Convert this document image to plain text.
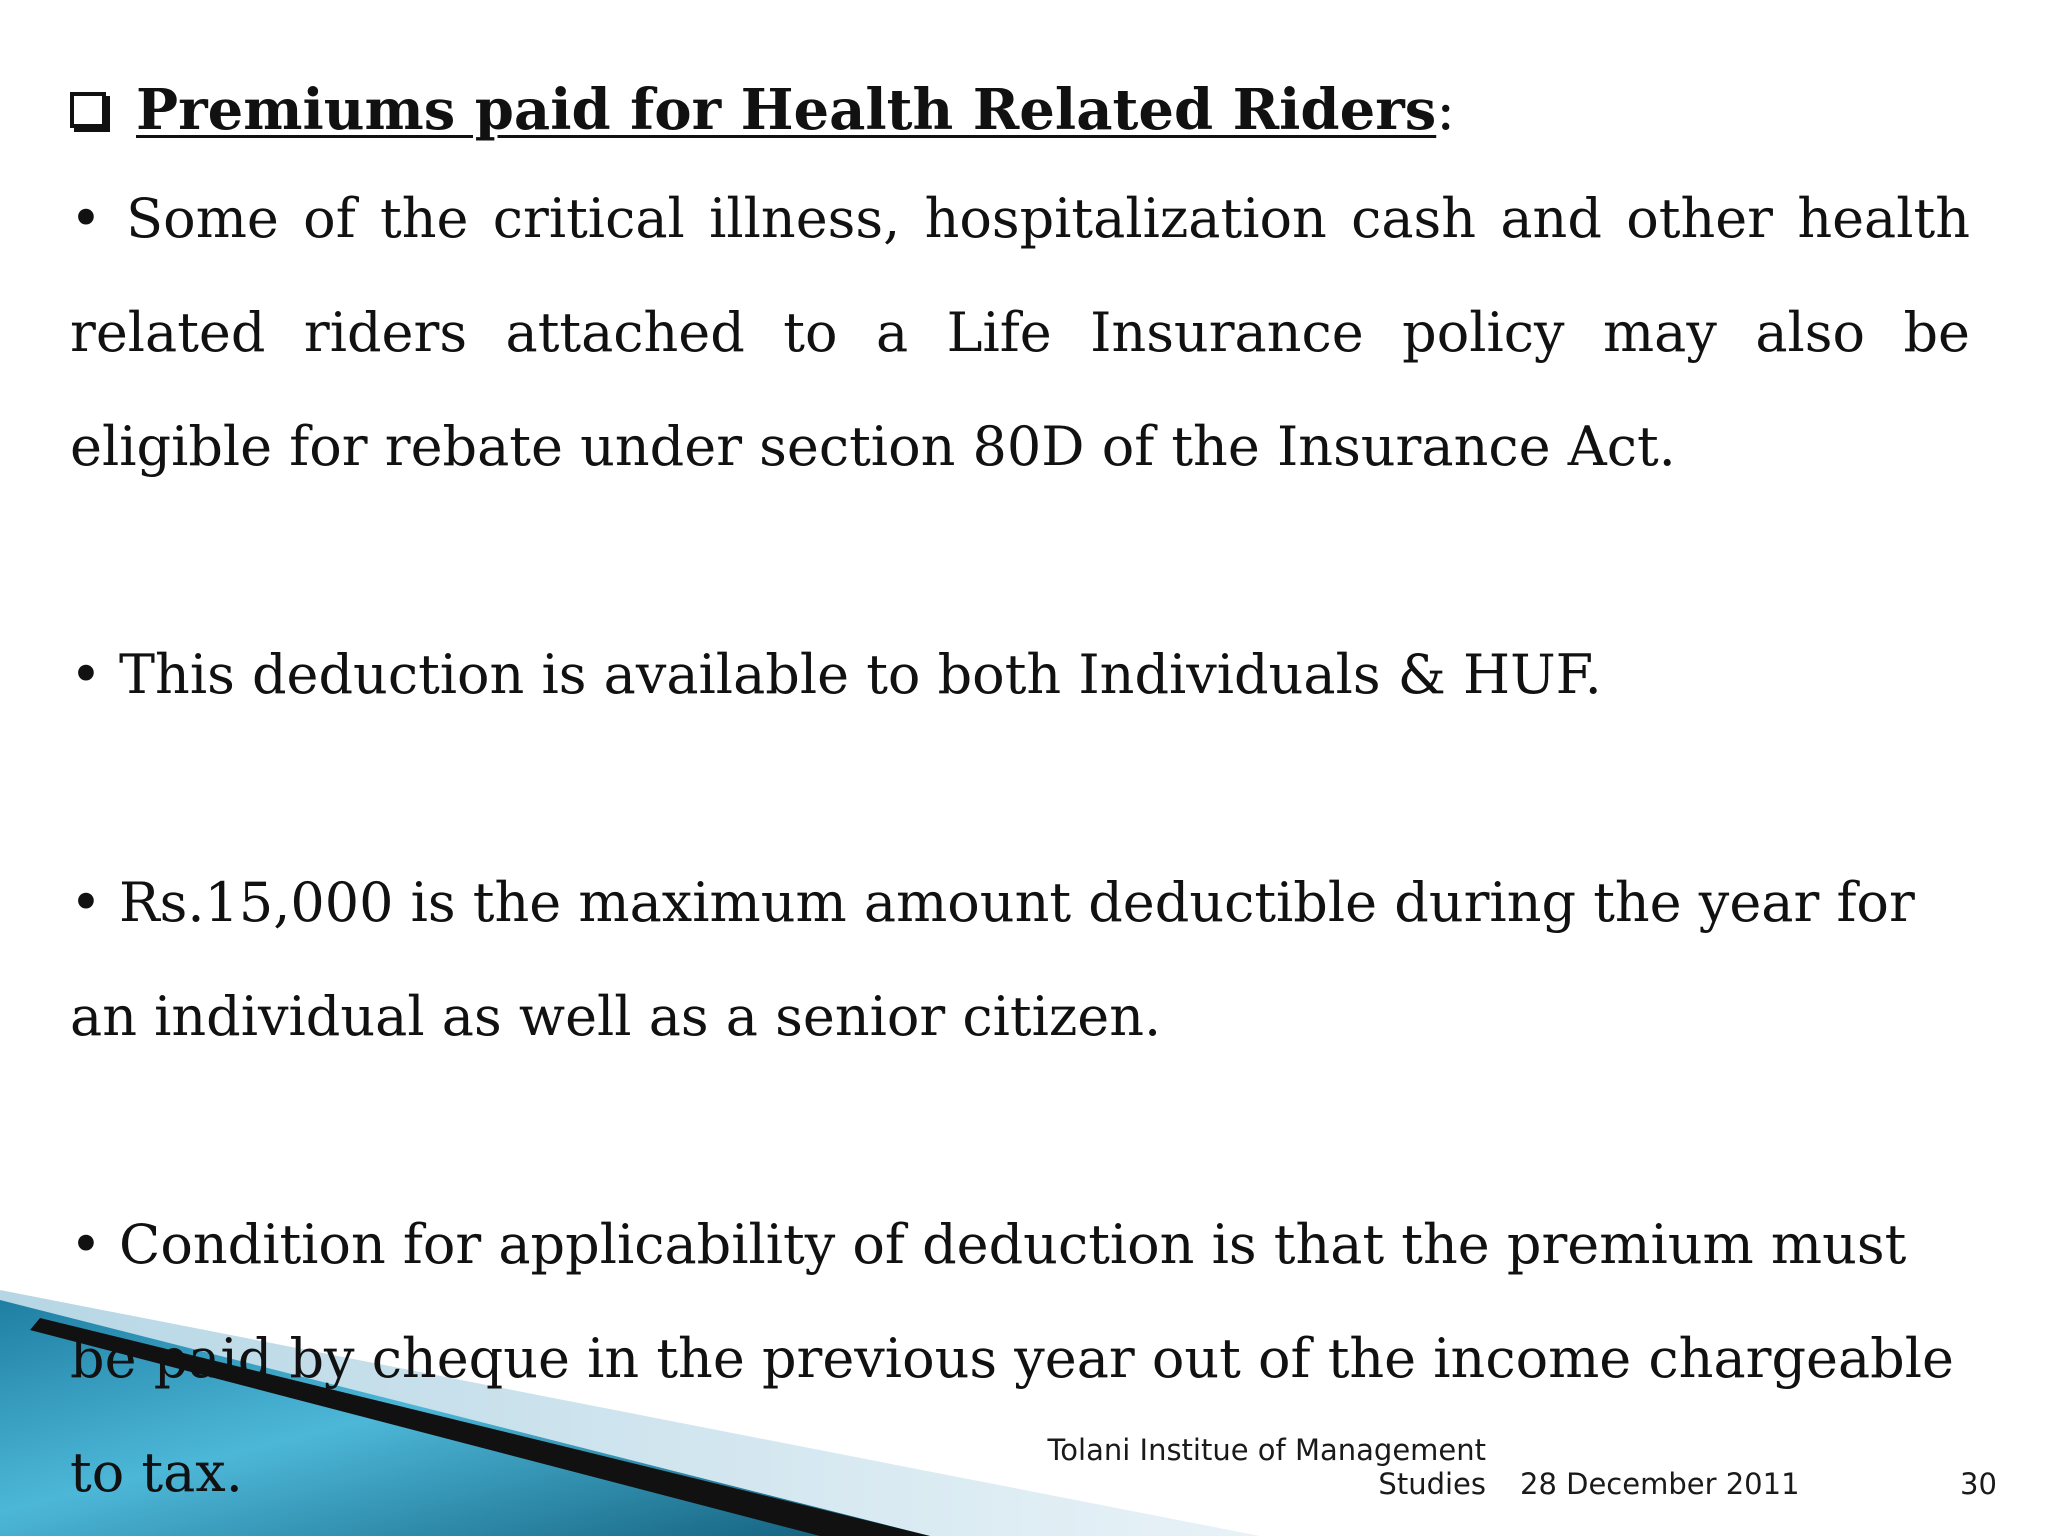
Premiums paid for Health Related Riders :

• Some of the critical illness, hospitalization cash and other health related riders attached to a Life Insurance policy may also be eligible for rebate under section 80D of the Insurance Act.

• This deduction is available to both Individuals & HUF.

• Rs.15,000 is the maximum amount deductible during the year for an individual as well as a senior citizen.

• Condition for applicability of deduction is that the premium must be paid by cheque in the previous year out of the income chargeable to tax.	Tolani Institue of Management Studies 28 December 2011	30
